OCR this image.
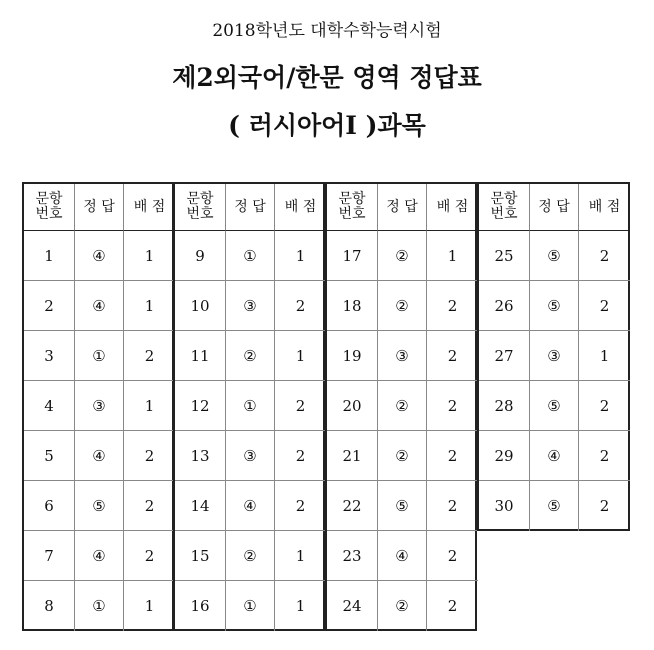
2018학년도 대학수학능력시험
제2외국어/한문 영역 정답표
( 러시아어Ⅰ )과목
문항
번호	정 답	배 점
1	④	1
2	④	1
3	①	2
4	③	1
5	④	2
6	⑤	2
7	④	2
8	①	1
문항
번호	정 답	배 점
9	①	1
10	③	2
11	②	1
12	①	2
13	③	2
14	④	2
15	②	1
16	①	1
문항
번호	정 답	배 점
17	②	1
18	②	2
19	③	2
20	②	2
21	②	2
22	⑤	2
23	④	2
24	②	2
문항
번호	정 답	배 점
25	⑤	2
26	⑤	2
27	③	1
28	⑤	2
29	④	2
30	⑤	2
